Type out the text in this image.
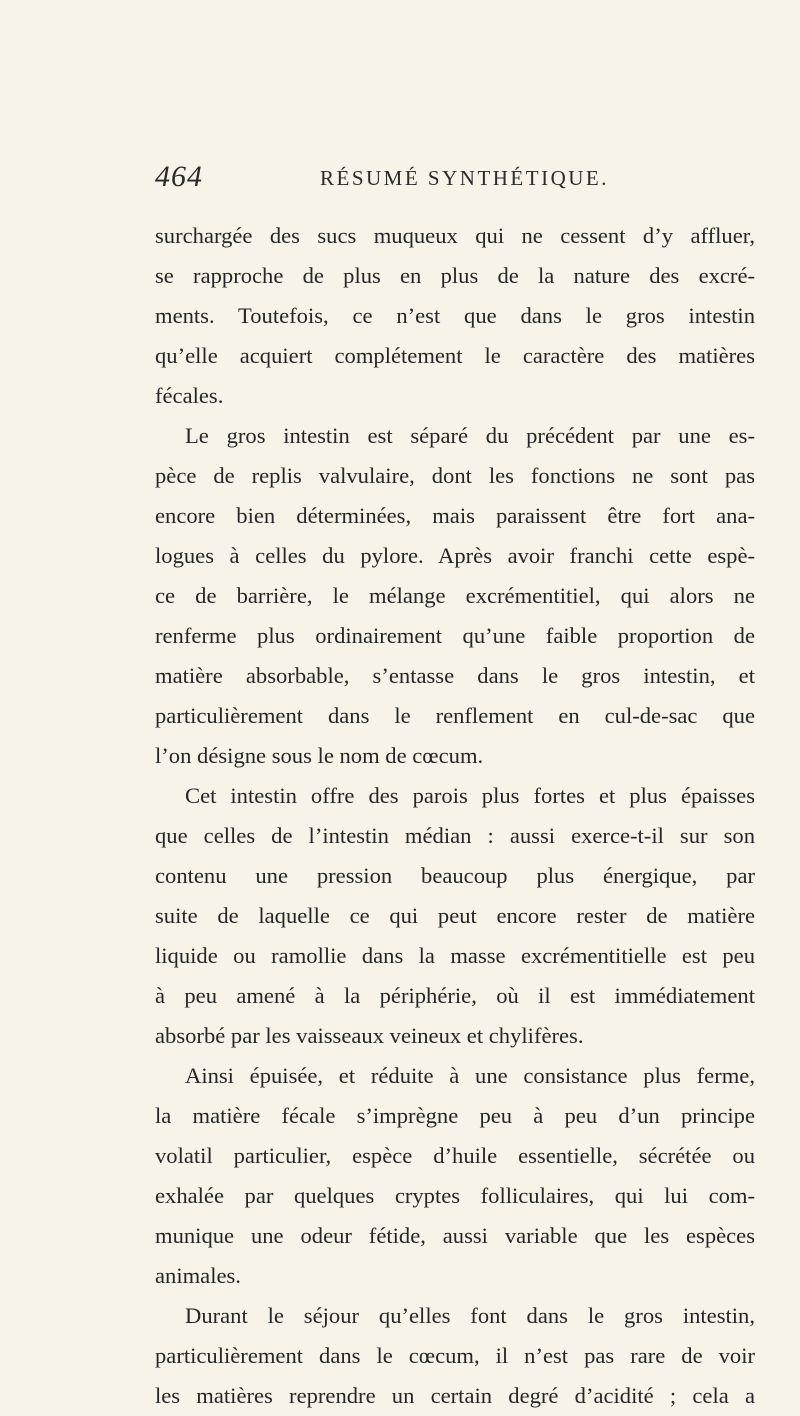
464	RÉSUMÉ SYNTHÉTIQUE.
surchargée des sucs muqueux qui ne cessent d’y affluer,
se rapproche de plus en plus de la nature des excré-
ments. Toutefois, ce n’est que dans le gros intestin
qu’elle acquiert complétement le caractère des matières
fécales.
Le gros intestin est séparé du précédent par une es-
pèce de replis valvulaire, dont les fonctions ne sont pas
encore bien déterminées, mais paraissent être fort ana-
logues à celles du pylore. Après avoir franchi cette espè-
ce de barrière, le mélange excrémentitiel, qui alors ne
renferme plus ordinairement qu’une faible proportion de
matière absorbable, s’entasse dans le gros intestin, et
particulièrement dans le renflement en cul-de-sac que
l’on désigne sous le nom de cœcum.
Cet intestin offre des parois plus fortes et plus épaisses
que celles de l’intestin médian : aussi exerce-t-il sur son
contenu une pression beaucoup plus énergique, par
suite de laquelle ce qui peut encore rester de matière
liquide ou ramollie dans la masse excrémentitielle est peu
à peu amené à la périphérie, où il est immédiatement
absorbé par les vaisseaux veineux et chylifères.
Ainsi épuisée, et réduite à une consistance plus ferme,
la matière fécale s’imprègne peu à peu d’un principe
volatil particulier, espèce d’huile essentielle, sécrétée ou
exhalée par quelques cryptes folliculaires, qui lui com-
munique une odeur fétide, aussi variable que les espèces
animales.
Durant le séjour qu’elles font dans le gros intestin,
particulièrement dans le cœcum, il n’est pas rare de voir
les matières reprendre un certain degré d’acidité ; cela a
